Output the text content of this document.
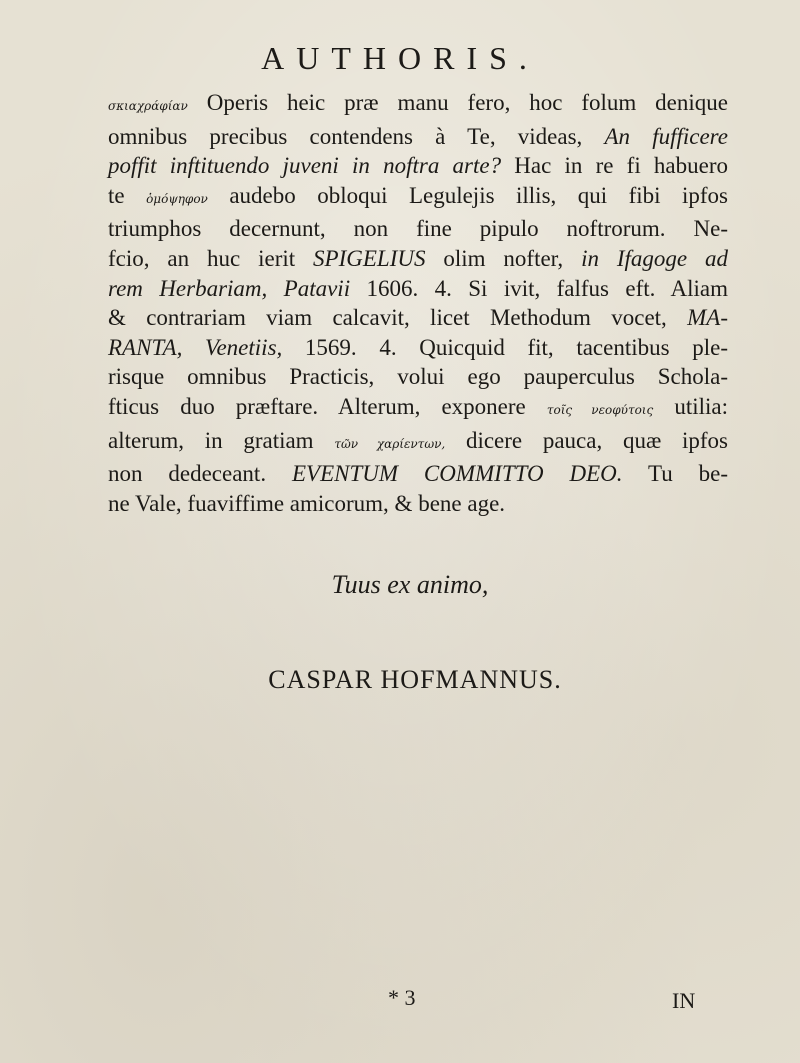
AUTHORIS.
σκιαχράφίαν Operis heic præ manu fero, hoc folum denique
omnibus precibus contendens à Te, videas, An fufficere
poffit inftituendo juveni in noftra arte? Hac in re fi habuero
te ὁμόψηφον audebo obloqui Legulejis illis, qui fibi ipfos
triumphos decernunt, non fine pipulo noftrorum. Ne-
fcio, an huc ierit SPIGELIUS olim nofter, in Ifagoge ad
rem Herbariam, Patavii 1606. 4. Si ivit, falfus eft. Aliam
& contrariam viam calcavit, licet Methodum vocet, MA-
RANTA, Venetiis, 1569. 4. Quicquid fit, tacentibus ple-
risque omnibus Practicis, volui ego pauperculus Schola-
fticus duo præftare. Alterum, exponere τοῖς νεοφύτοις utilia:
alterum, in gratiam τῶν χαρίεντων, dicere pauca, quæ ipfos
non dedeceant. EVENTUM COMMITTO DEO. Tu be-
ne Vale, fuaviffime amicorum, & bene age.
Tuus ex animo,
CASPAR HOFMANNUS.
* 3	IN
